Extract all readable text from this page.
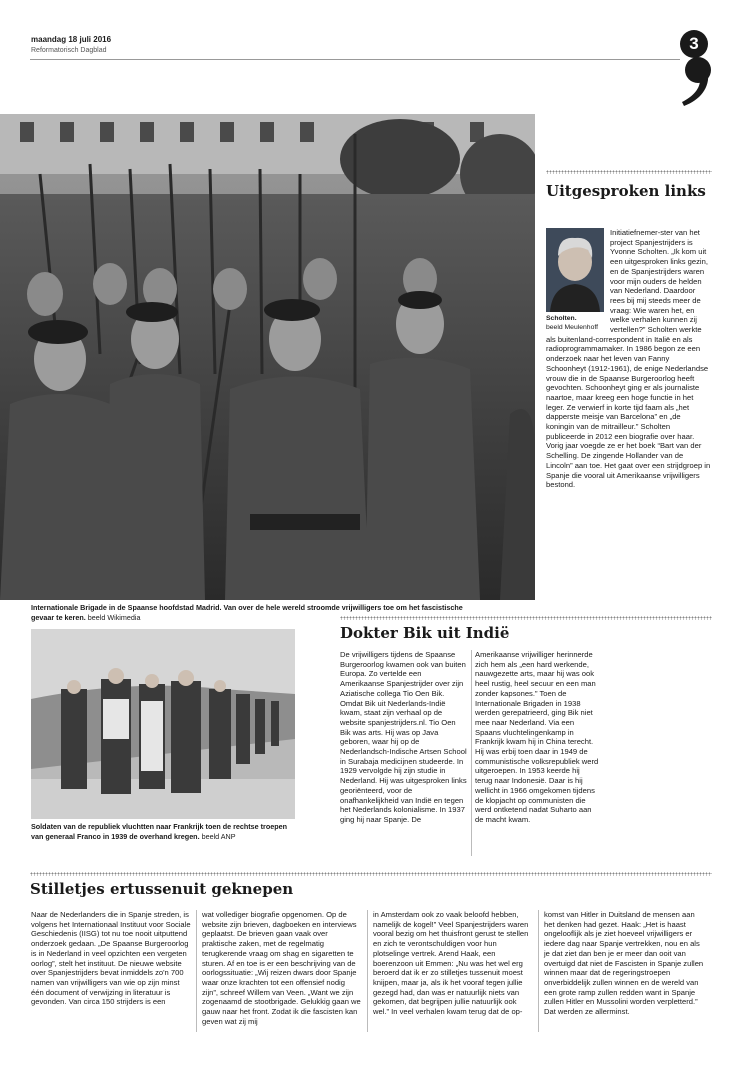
maandag 18 juli 2016
Reformatorisch Dagblad	3
Internationale Brigade in de Spaanse hoofdstad Madrid. Van over de hele wereld stroomde vrijwilligers toe om het fascistische gevaar te keren. beeld Wikimedia
Uitgesproken links
Initiatiefnemer-ster van het project Spanjestrijders is Yvonne Scholten. „Ik kom uit een uitgesproken links gezin, en de Spanjestrijders waren voor mijn ouders de helden van Nederland. Daardoor rees bij mij steeds meer de vraag: Wie waren het, en welke verhalen kunnen zij vertellen?” Scholten werkte als buitenland-correspondent in Italië en als radioprogrammamaker. In 1986 begon ze een onderzoek naar het leven van Fanny Schoonheyt (1912-1961), de enige Nederlandse vrouw die in de Spaanse Burgeroorlog heeft gevochten. Schoonheyt ging er als journaliste naartoe, maar kreeg een hoge functie in het leger. Ze verwierf in korte tijd faam als „het dapperste meisje van Barcelona” en „de koningin van de mitrailleur.” Scholten publiceerde in 2012 een biografie over haar. Vorig jaar voegde ze er het boek “Bart van der Schelling. De zingende Hollander van de Lincoln” aan toe. Het gaat over een strijdgroep in Spanje die vooral uit Amerikaanse vrijwilligers bestond.
Scholten.
beeld Meulenhoff
Soldaten van de republiek vluchtten naar Frankrijk toen de rechtse troepen van generaal Franco in 1939 de overhand kregen. beeld ANP
Dokter Bik uit Indië
De vrijwilligers tijdens de Spaanse Burgeroorlog kwamen ook van buiten Europa. Zo vertelde een Amerikaanse Spanjestrijder over zijn Aziatische collega Tio Oen Bik. Omdat Bik uit Nederlands-Indië kwam, staat zijn verhaal op de website spanjestrijders.nl. Tio Oen Bik was arts. Hij was op Java geboren, waar hij op de Nederlandsch-Indische Artsen School in Surabaja medicijnen studeerde. In 1929 vervolgde hij zijn studie in Nederland. Hij was uitgesproken links georiënteerd, voor de onafhankelijkheid van Indië en tegen het Nederlands kolonialisme. In 1937 ging hij naar Spanje. De
Amerikaanse vrijwilliger herinnerde zich hem als „een hard werkende, nauwgezette arts, maar hij was ook heel rustig, heel secuur en een man zonder kapsones.” Toen de Internationale Brigaden in 1938 werden gerepatrieerd, ging Bik niet mee naar Nederland. Via een Spaans vluchtelingenkamp in Frankrijk kwam hij in China terecht. Hij was erbij toen daar in 1949 de communistische volksrepubliek werd uitgeroepen. In 1953 keerde hij terug naar Indonesië. Daar is hij wellicht in 1966 omgekomen tijdens de klopjacht op communisten die werd ontketend nadat Suharto aan de macht kwam.
Stilletjes ertussenuit geknepen
Naar de Nederlanders die in Spanje streden, is volgens het Internationaal Instituut voor Sociale Geschiedenis (IISG) tot nu toe nooit uitputtend onderzoek gedaan. „De Spaanse Burgeroorlog is in Nederland in veel opzichten een vergeten oorlog”, stelt het instituut. De nieuwe website over Spanjestrijders bevat inmiddels zo'n 700 namen van vrijwilligers van wie op zijn minst één document of verwijzing in literatuur is gevonden. Van circa 150 strijders is een
wat vollediger biografie opgenomen. Op de website zijn brieven, dagboeken en interviews geplaatst. De brieven gaan vaak over praktische zaken, met de regelmatig terugkerende vraag om shag en sigaretten te sturen. Af en toe is er een beschrijving van de oorlogssituatie: „Wij reizen dwars door Spanje waar onze krachten tot een offensief nodig zijn”, schreef Willem van Veen. „Want we zijn zogenaamd de stootbrigade. Gelukkig gaan we gauw naar het front. Zodat ik die fascisten kan geven wat zij mij
in Amsterdam ook zo vaak beloofd hebben, namelijk de kogel!” Veel Spanjestrijders waren vooral bezig om het thuisfront gerust te stellen en zich te verontschuldigen voor hun plotselinge vertrek. Arend Haak, een boerenzoon uit Emmen: „Nu was het wel erg beroerd dat ik er zo stilletjes tussenuit moest knijpen, maar ja, als ik het vooraf tegen jullie gezegd had, dan was er natuurlijk niets van gekomen, dat begrijpen jullie natuurlijk ook wel.” In veel verhalen kwam terug dat de op-
komst van Hitler in Duitsland de mensen aan het denken had gezet. Haak: „Het is haast ongelooflijk als je ziet hoeveel vrijwilligers er iedere dag naar Spanje vertrekken, nou en als je dat ziet dan ben je er meer dan ooit van overtuigd dat niet de Fascisten in Spanje zullen winnen maar dat de regeringstroepen onverbiddelijk zullen winnen en de wereld van een grote ramp zullen redden want in Spanje zullen Hitler en Mussolini worden verpletterd.” Dat werden ze allerminst.
